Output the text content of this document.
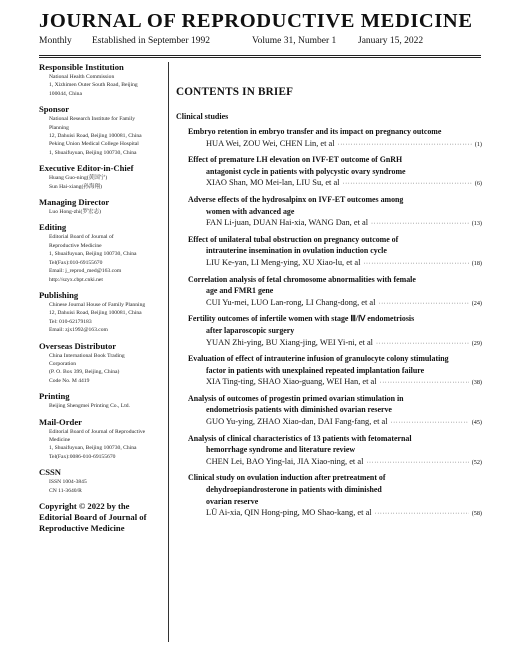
JOURNAL OF REPRODUCTIVE MEDICINE
Monthly	Established in September 1992	Volume 31, Number 1	January 15, 2022
Responsible Institution
National Health Commission
1, Xizhimen Outer South Road, Beijing
100044, China
Sponsor
National Research Institute for Family
Planning
12, Dahuisi Road, Beijing 100081, China
Peking Union Medical College Hospital
1, Shuaifuyuan, Beijing 100730, China
Executive Editor-in-Chief
Huang Guo-ning(黄国宁)
Sun Hai-xiang(孙海翔)
Managing Director
Luo Hong-zhi(罗宏志)
Editing
Editorial Board of Journal of
Reproductive Medicine
1, Shuaifuyuan, Beijing 100730, China
Tel(Fax):010-69155670
Email: j_reprod_med@163.com
http://szyx.cbpt.cnki.net
Publishing
Chinese Journal House of Family Planning
12, Dahuisi Road, Beijing 100081, China
Tel: 010-62179183
Email: zjx1992@163.com
Overseas Distributor
China International Book Trading
Corporation
(P. O. Box 399, Beijing, China)
Code No. M 4419
Printing
Beijing Shengmei Printing Co., Ltd.
Mail-Order
Editorial Board of Journal of Reproductive
Medicine
1, Shuaifuyuan, Beijing 100730, China
Tel(Fax):0086-010-69155670
CSSN
ISSN 1004-3845
CN 11-3640/R
Copyright © 2022 by the
Editorial Board of Journal of
Reproductive Medicine
CONTENTS IN BRIEF
Clinical studies
Embryo retention in embryo transfer and its impact on pregnancy outcome
HUA Wei, ZOU Wei, CHEN Lin, et al ·····	(1)
Effect of premature LH elevation on IVF-ET outcome of GnRH
antagonist cycle in patients with polycystic ovary syndrome
XIAO Shan, MO Mei-lan, LIU Su, et al ·····	(6)
Adverse effects of the hydrosalpinx on IVF-ET outcomes among
women with advanced age
FAN Li-juan, DUAN Hai-xia, WANG Dan, et al ·····	(13)
Effect of unilateral tubal obstruction on pregnancy outcome of
intrauterine insemination in ovulation induction cycle
LIU Ke-yan, LI Meng-ying, XU Xiao-lu, et al ·····	(18)
Correlation analysis of fetal chromosome abnormalities with female
age and FMR1 gene
CUI Yu-mei, LUO Lan-rong, LI Chang-dong, et al ·····	(24)
Fertility outcomes of infertile women with stage Ⅲ/Ⅳ endometriosis
after laparoscopic surgery
YUAN Zhi-ying, BU Xiang-jing, WEI Yi-ni, et al ·····	(29)
Evaluation of effect of intrauterine infusion of granulocyte colony stimulating
factor in patients with unexplained repeated implantation failure
XIA Ting-ting, SHAO Xiao-guang, WEI Han, et al ·····	(38)
Analysis of outcomes of progestin primed ovarian stimulation in
endometriosis patients with diminished ovarian reserve
GUO Yu-ying, ZHAO Xiao-dan, DAI Fang-fang, et al ·····	(45)
Analysis of clinical characteristics of 13 patients with fetomaternal
hemorrhage syndrome and literature review
CHEN Lei, BAO Ying-lai, JIA Xiao-ning, et al ·····	(52)
Clinical study on ovulation induction after pretreatment of
dehydroepiandrosterone in patients with diminished
ovarian reserve
LÜ Ai-xia, QIN Hong-ping, MO Shao-kang, et al ·····	(58)
